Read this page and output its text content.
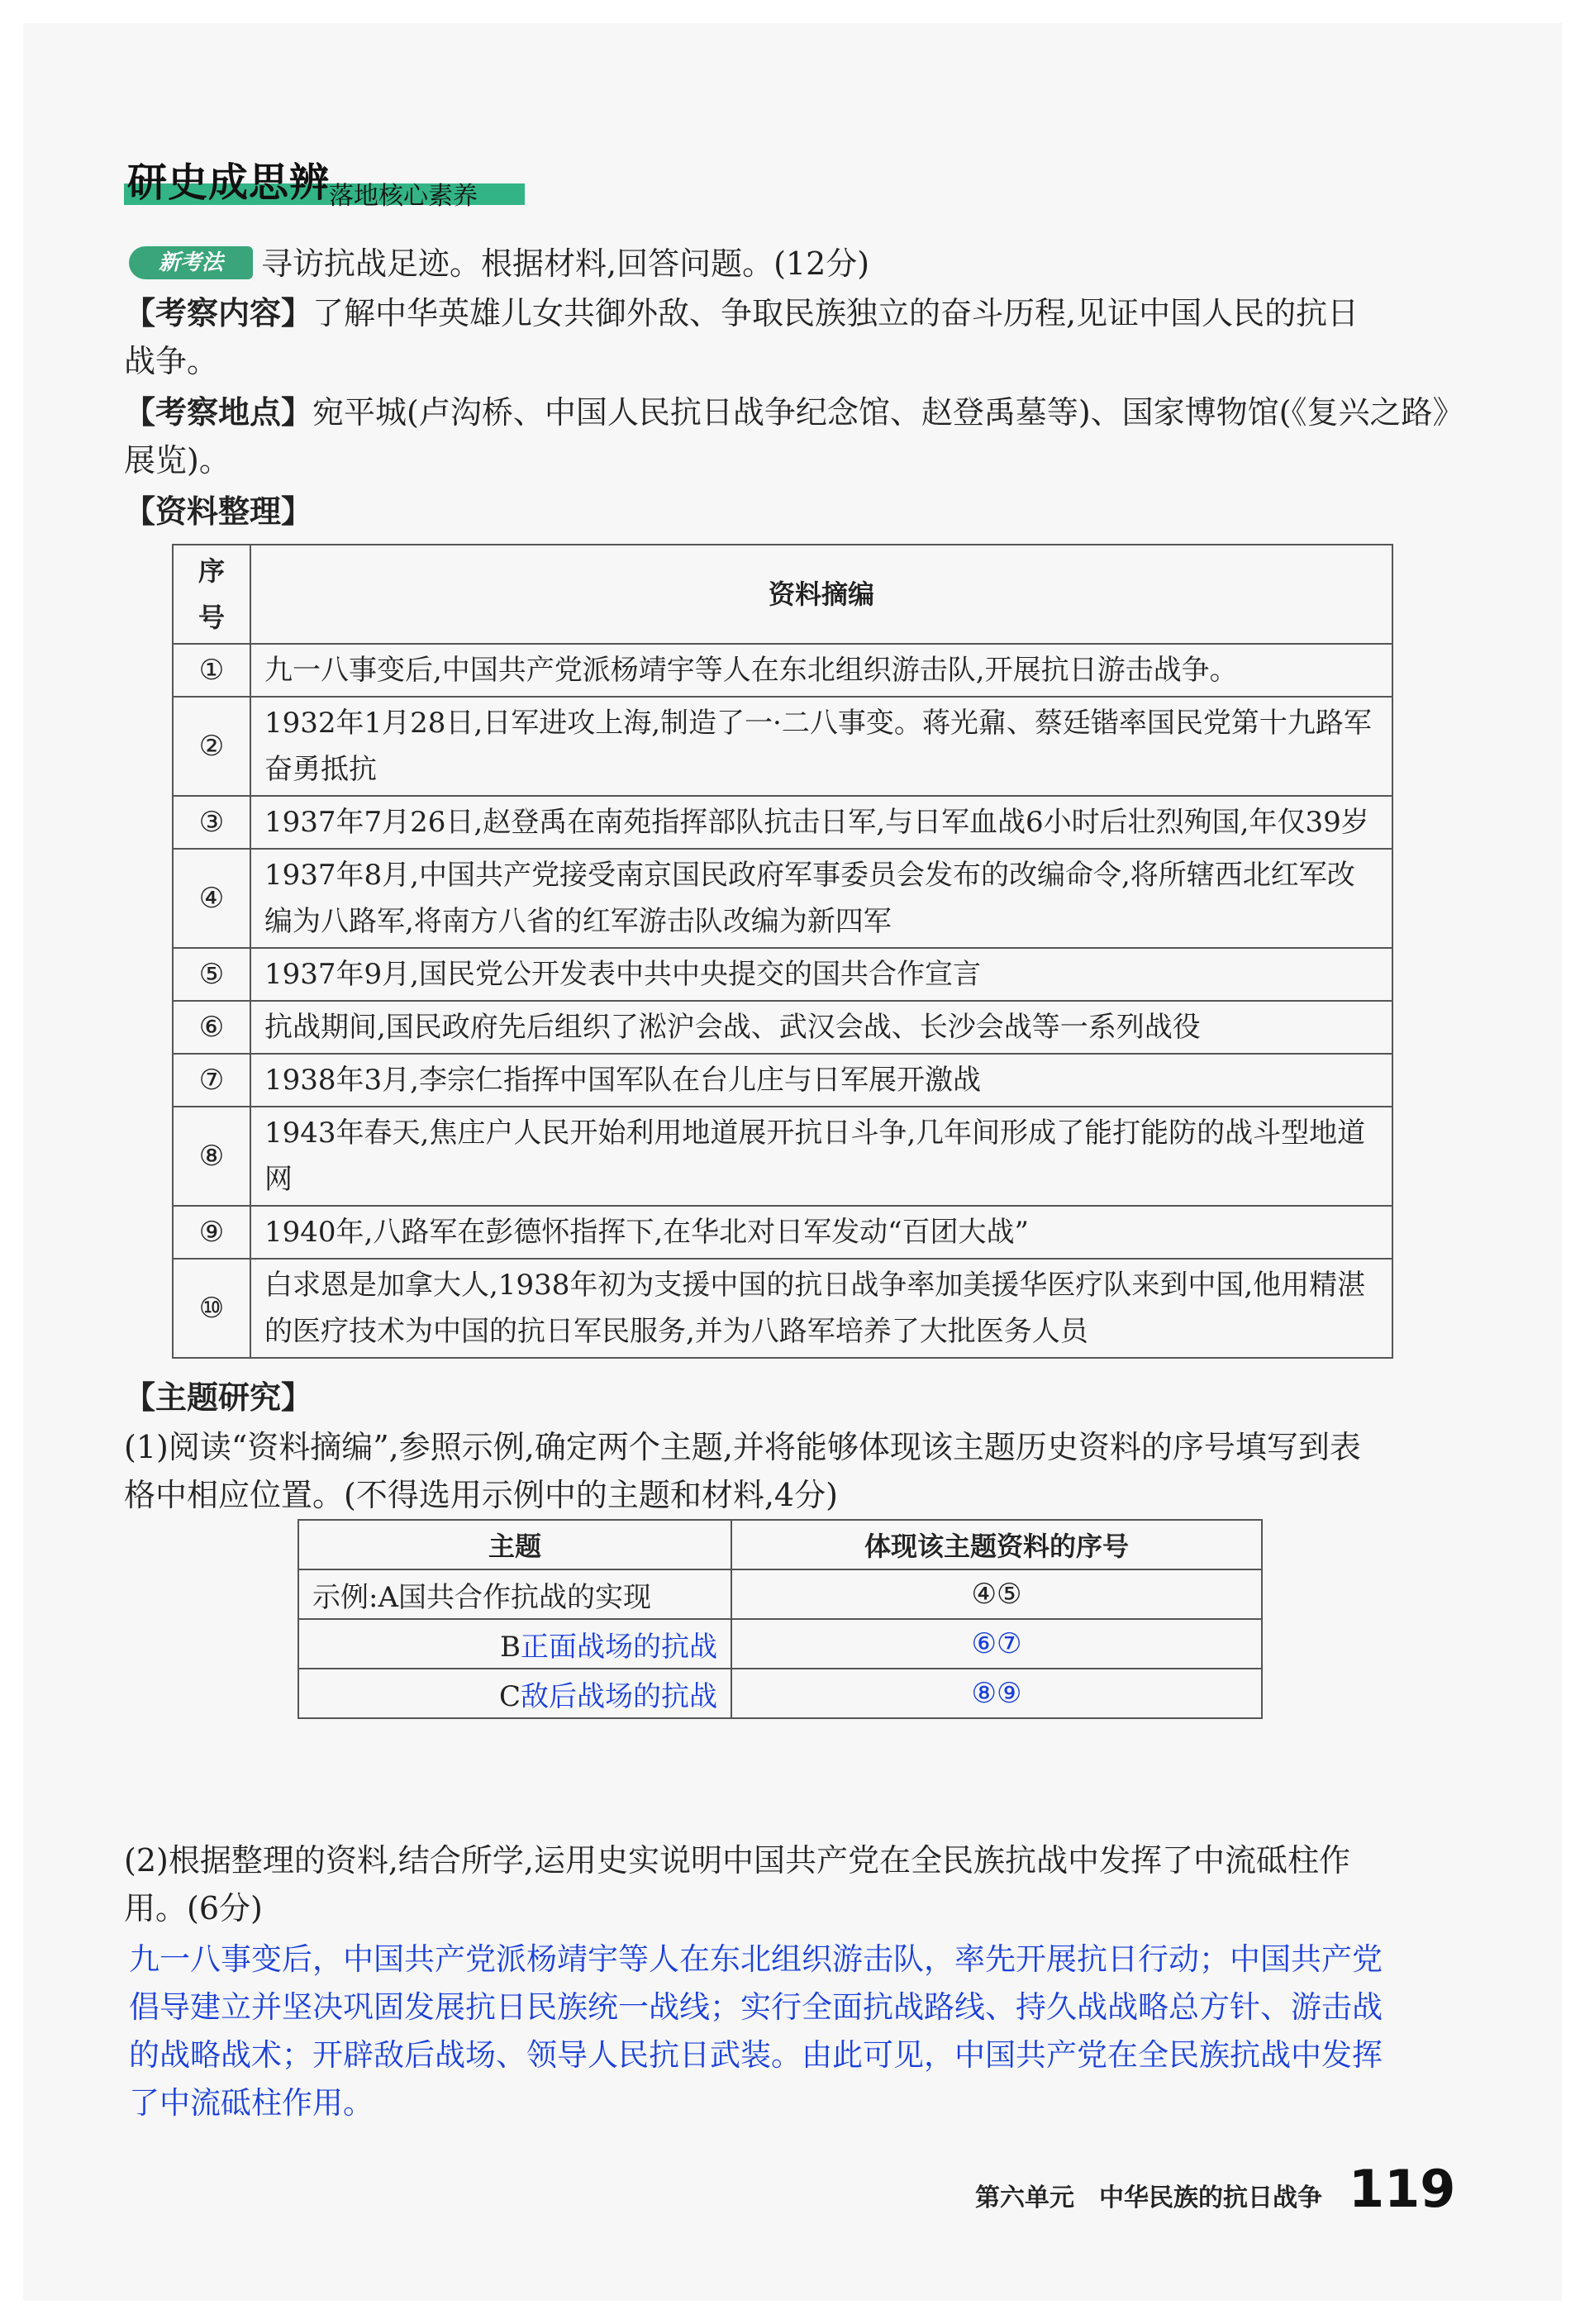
研史成思辨
落地核心素养
新考法	寻访抗战足迹。根据材料,回答问题。(12分)
【考察内容】了解中华英雄儿女共御外敌、争取民族独立的奋斗历程,见证中国人民的抗日
战争。
【考察地点】宛平城(卢沟桥、中国人民抗日战争纪念馆、赵登禹墓等)、国家博物馆(《复兴之路》
展览)。
【资料整理】
序号	资料摘编
①	九一八事变后,中国共产党派杨靖宇等人在东北组织游击队,开展抗日游击战争。
②	1932年1月28日,日军进攻上海,制造了一·二八事变。蒋光鼐、蔡廷锴率国民党第十九路军奋勇抵抗
③	1937年7月26日,赵登禹在南苑指挥部队抗击日军,与日军血战6小时后壮烈殉国,年仅39岁
④	1937年8月,中国共产党接受南京国民政府军事委员会发布的改编命令,将所辖西北红军改编为八路军,将南方八省的红军游击队改编为新四军
⑤	1937年9月,国民党公开发表中共中央提交的国共合作宣言
⑥	抗战期间,国民政府先后组织了淞沪会战、武汉会战、长沙会战等一系列战役
⑦	1938年3月,李宗仁指挥中国军队在台儿庄与日军展开激战
⑧	1943年春天,焦庄户人民开始利用地道展开抗日斗争,几年间形成了能打能防的战斗型地道网
⑨	1940年,八路军在彭德怀指挥下,在华北对日军发动“百团大战”
⑩	白求恩是加拿大人,1938年初为支援中国的抗日战争率加美援华医疗队来到中国,他用精湛的医疗技术为中国的抗日军民服务,并为八路军培养了大批医务人员
【主题研究】
(1)阅读“资料摘编”,参照示例,确定两个主题,并将能够体现该主题历史资料的序号填写到表
格中相应位置。(不得选用示例中的主题和材料,4分)
主题	体现该主题资料的序号
示例:A国共合作抗战的实现	④⑤
B正面战场的抗战	⑥⑦
C敌后战场的抗战	⑧⑨
(2)根据整理的资料,结合所学,运用史实说明中国共产党在全民族抗战中发挥了中流砥柱作
用。(6分)
九一八事变后，中国共产党派杨靖宇等人在东北组织游击队，率先开展抗日行动；中国共产党
倡导建立并坚决巩固发展抗日民族统一战线；实行全面抗战路线、持久战战略总方针、游击战
的战略战术；开辟敌后战场、领导人民抗日武装。由此可见，中国共产党在全民族抗战中发挥
了中流砥柱作用。
第六单元　中华民族的抗日战争 119
